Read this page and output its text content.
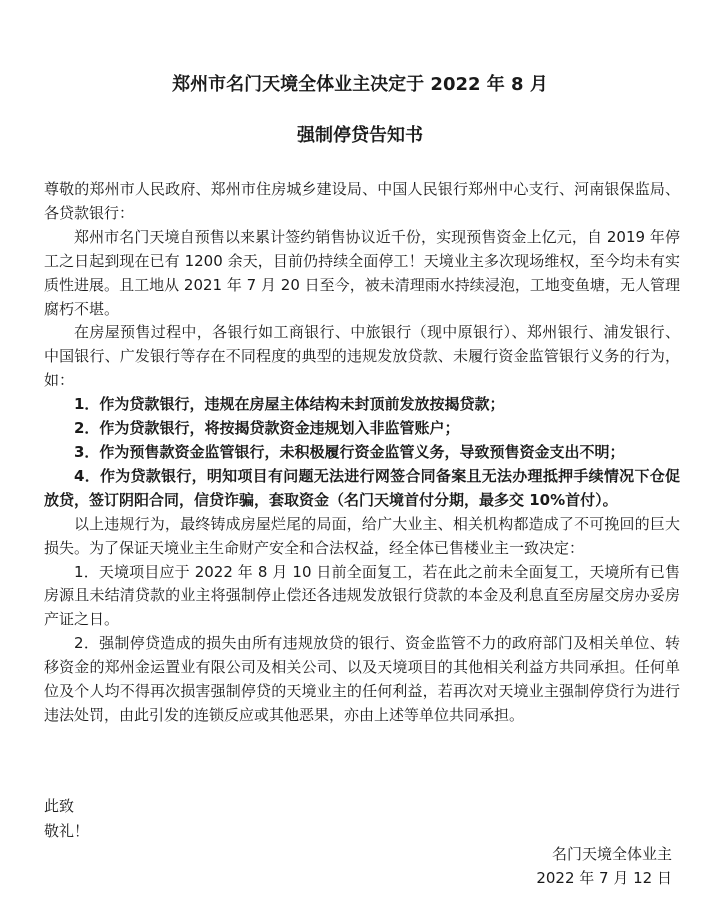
郑州市名门天境全体业主决定于 2022 年 8 月
强制停贷告知书

尊敬的郑州市人民政府、郑州市住房城乡建设局、中国人民银行郑州中心支行、河南银保监局、各贷款银行：

郑州市名门天境自预售以来累计签约销售协议近千份，实现预售资金上亿元，自 2019 年停工之日起到现在已有 1200 余天，目前仍持续全面停工！天境业主多次现场维权，至今均未有实质性进展。且工地从 2021 年 7 月 20 日至今，被未清理雨水持续浸泡，工地变鱼塘，无人管理腐朽不堪。

在房屋预售过程中，各银行如工商银行、中旅银行（现中原银行）、郑州银行、浦发银行、中国银行、广发银行等存在不同程度的典型的违规发放贷款、未履行资金监管银行义务的行为，如：

1．作为贷款银行，违规在房屋主体结构未封顶前发放按揭贷款；

2．作为贷款银行，将按揭贷款资金违规划入非监管账户；

3．作为预售款资金监管银行，未积极履行资金监管义务，导致预售资金支出不明；

4．作为贷款银行，明知项目有问题无法进行网签合同备案且无法办理抵押手续情况下仓促放贷，签订阴阳合同，信贷诈骗，套取资金（名门天境首付分期，最多交 10%首付）。

以上违规行为，最终铸成房屋烂尾的局面，给广大业主、相关机构都造成了不可挽回的巨大损失。为了保证天境业主生命财产安全和合法权益，经全体已售楼业主一致决定：

1．天境项目应于 2022 年 8 月 10 日前全面复工，若在此之前未全面复工，天境所有已售房源且未结清贷款的业主将强制停止偿还各违规发放银行贷款的本金及利息直至房屋交房办妥房产证之日。

2．强制停贷造成的损失由所有违规放贷的银行、资金监管不力的政府部门及相关单位、转移资金的郑州金运置业有限公司及相关公司、以及天境项目的其他相关利益方共同承担。任何单位及个人均不得再次损害强制停贷的天境业主的任何利益，若再次对天境业主强制停贷行为进行违法处罚，由此引发的连锁反应或其他恶果，亦由上述等单位共同承担。

此致
敬礼！
名门天境全体业主
2022 年 7 月 12 日
